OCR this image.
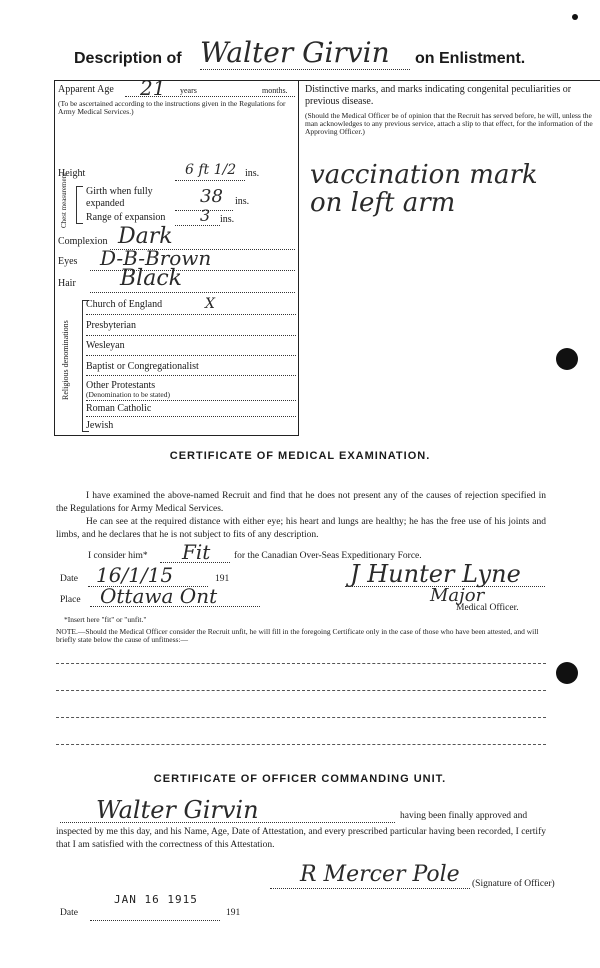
Description of Walter Girvin	on Enlistment.
Apparent Age 21 years	months.
(To be ascertained according to the instructions given in the Regulations for Army Medical Services.)
Height	6 ft 1/2 ins.
Chest measurement Girth when fully expanded	38 ins.
Range of expansion 3 ins.
Complexion Dark
Eyes D-B-Brown
Hair Black
Religious denominations
Church of England	X
Presbyterian
Wesleyan
Baptist or Congregationalist
Other Protestants
(Denomination to be stated)
Roman Catholic
Jewish
Distinctive marks, and marks indicating congenital peculiarities or previous disease.
(Should the Medical Officer be of opinion that the Recruit has served before, he will, unless the man acknowledges to any previous service, attach a slip to that effect, for the information of the Approving Officer.)
vaccination mark
on left arm
CERTIFICATE OF MEDICAL EXAMINATION.
I have examined the above-named Recruit and find that he does not present any of the causes of rejection specified in the Regulations for Army Medical Services.
He can see at the required distance with either eye; his heart and lungs are healthy; he has the free use of his joints and limbs, and he declares that he is not subject to fits of any description.
I consider him* Fit for the Canadian Over-Seas Expeditionary Force.
Date 16/1/15	191
Place Ottawa Ont
J Hunter Lyne
Major
Medical Officer.
*Insert here "fit" or "unfit."
NOTE.—Should the Medical Officer consider the Recruit unfit, he will fill in the foregoing Certificate only in the case of those who have been attested, and will briefly state below the cause of unfitness:—
CERTIFICATE OF OFFICER COMMANDING UNIT.
Walter Girvin	having been finally approved and
inspected by me this day, and his Name, Age, Date of Attestation, and every prescribed particular having been recorded, I certify that I am satisfied with the correctness of this Attestation.
R Mercer Pole (Signature of Officer)
Date
JAN 16 1915
191
